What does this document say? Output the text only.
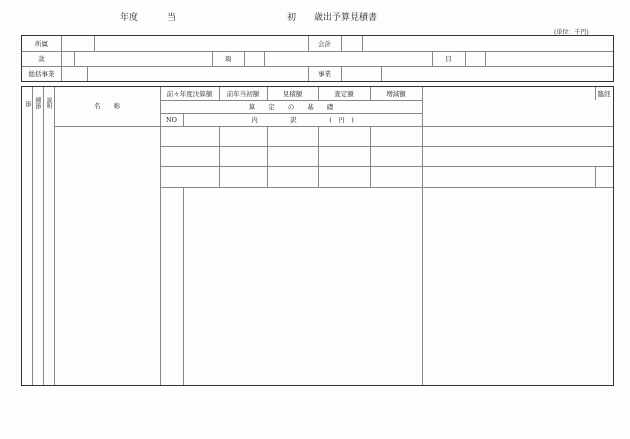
年度	当	初 歳出予算見積書
(単位：千円)
所属	会計
款	項	目
総括事業	事業
前々年度決算額	前年当初額	見積額	査定額	増減額	臨経
算　　定　　の　　基　　礎
NO	内　　　　　訳　　　　　(　円　)
節 細節 説明	名　　称
